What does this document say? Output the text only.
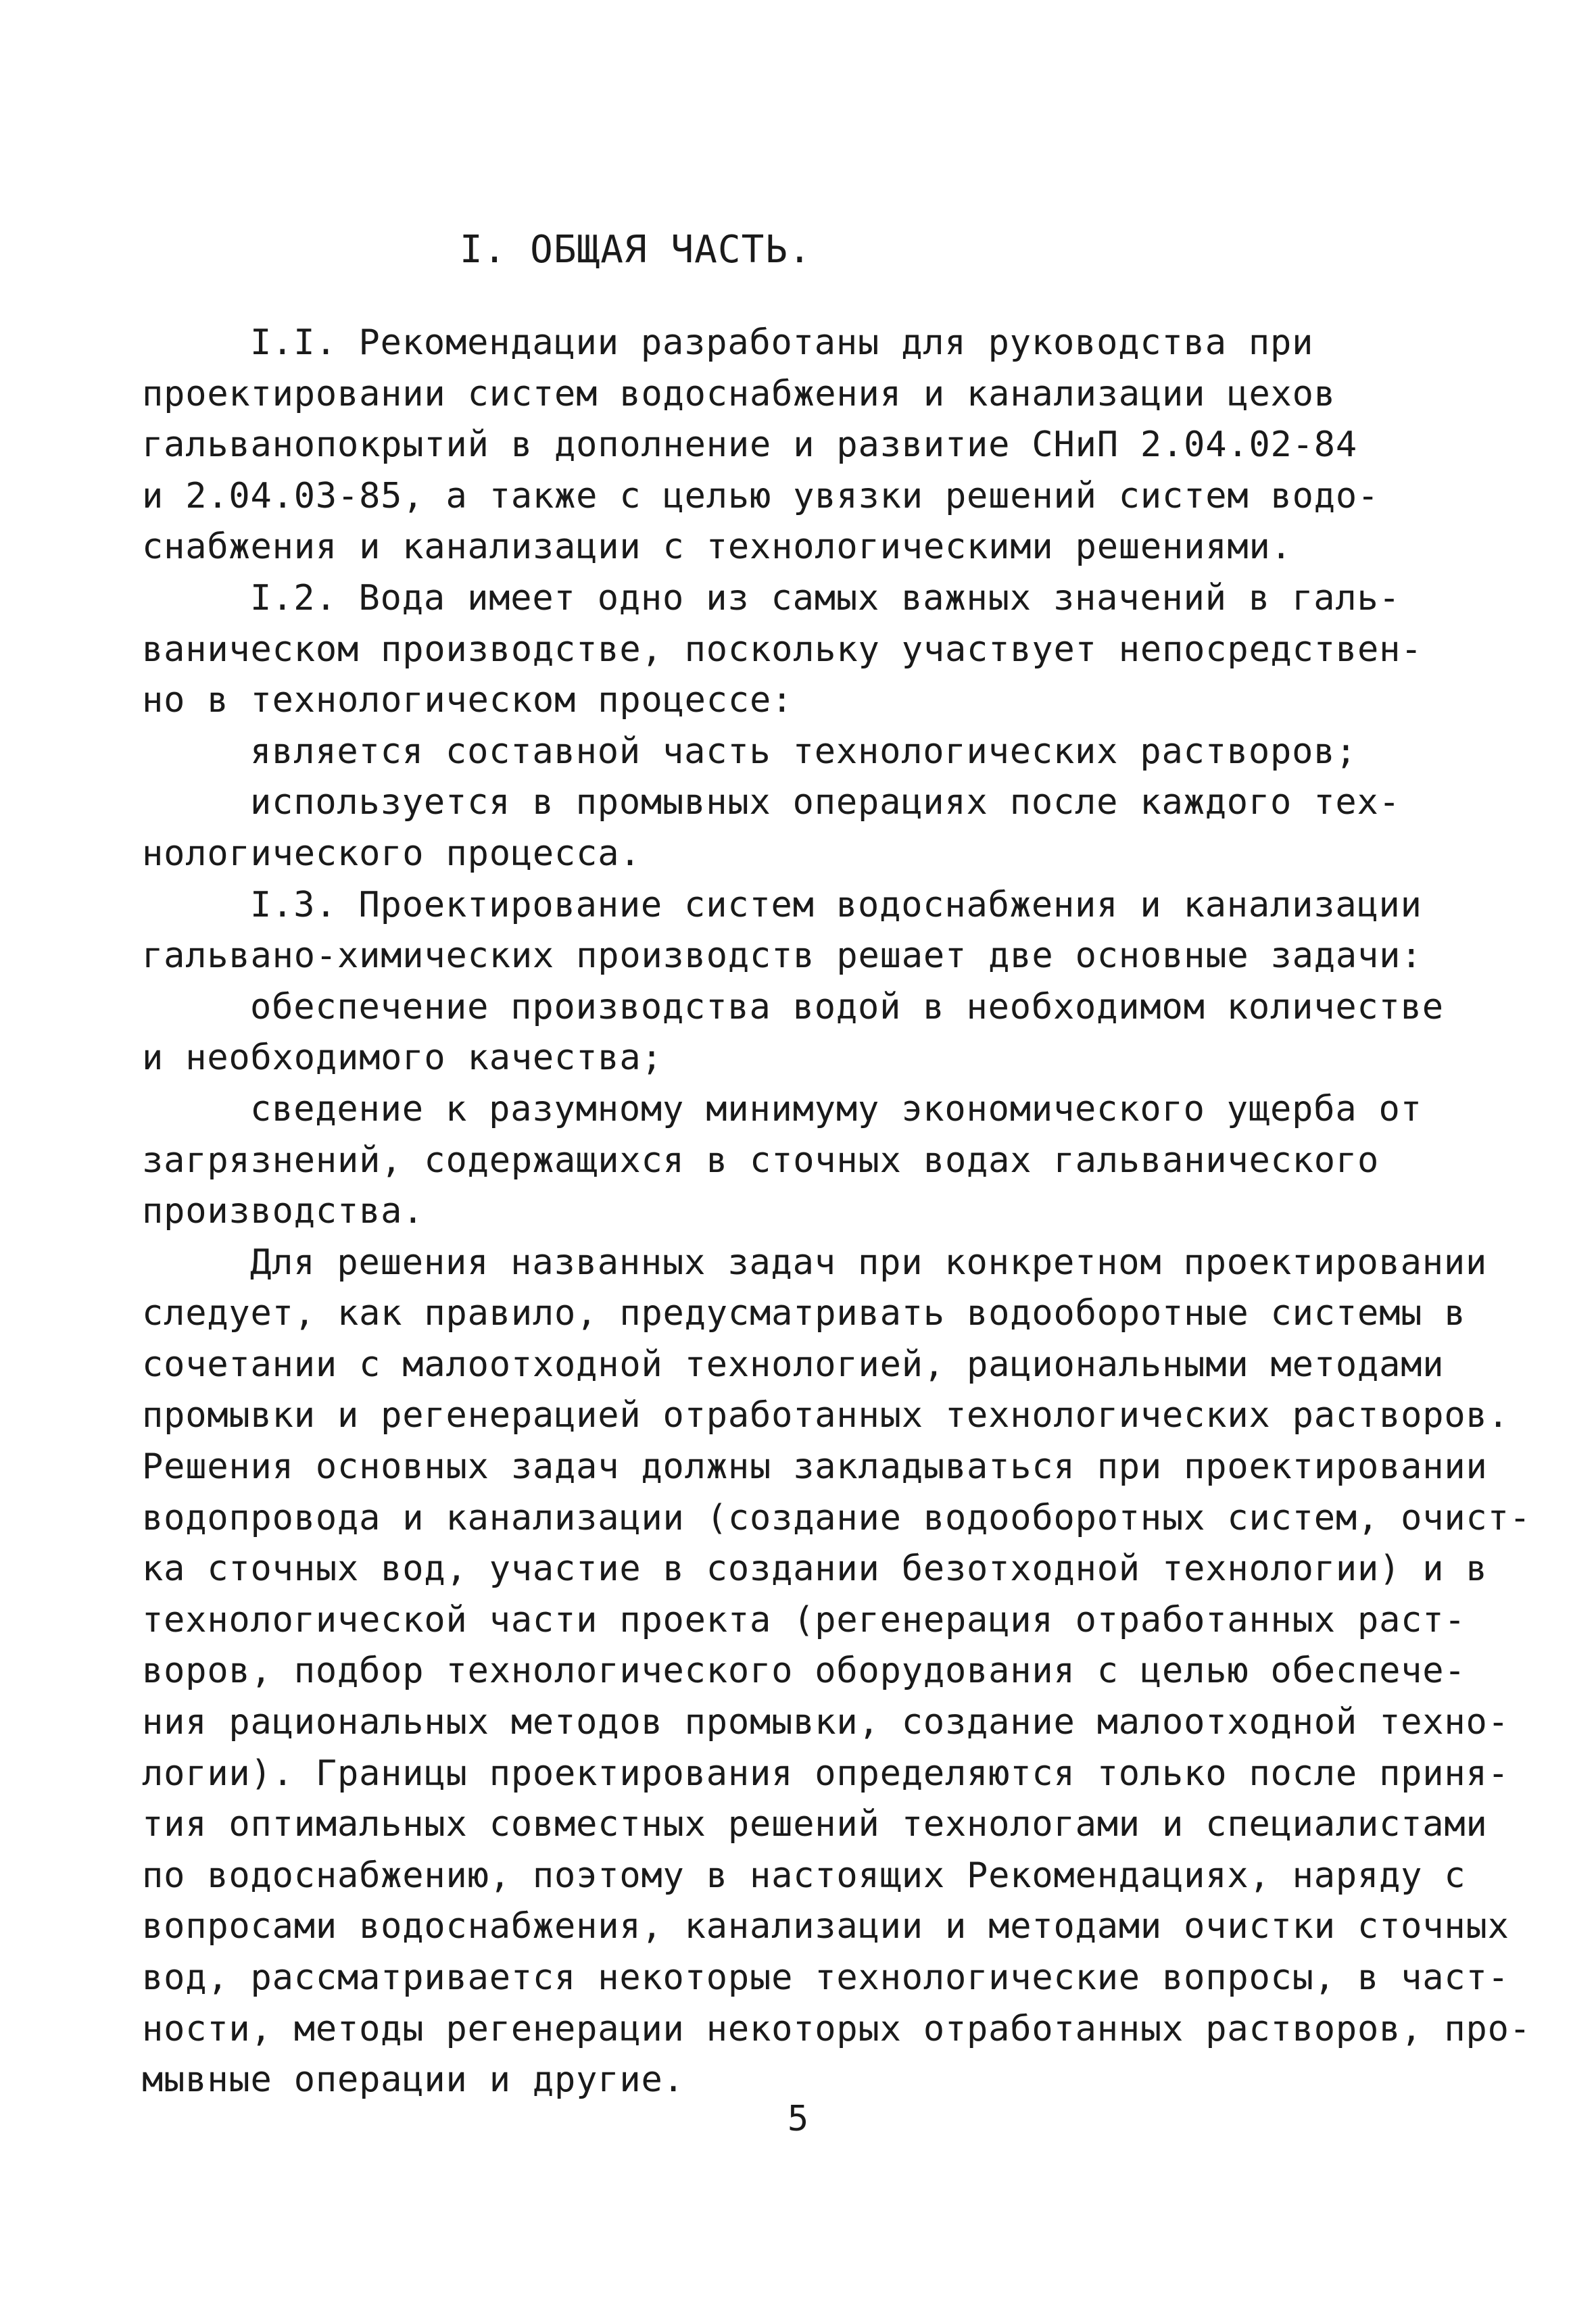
I. ОБЩАЯ ЧАСТЬ.
I.I. Рекомендации разработаны для руководства при
проектировании систем водоснабжения и канализации цехов
гальванопокрытий в дополнение и развитие СНиП 2.04.02-84
и 2.04.03-85, а также с целью увязки решений систем водо-
снабжения и канализации с технологическими решениями.
I.2. Вода имеет одно из самых важных значений в галь-
ваническом производстве, поскольку участвует непосредствен-
но в технологическом процессе:
является составной часть технологических растворов;
используется в промывных операциях после каждого тех-
нологического процесса.
I.3. Проектирование систем водоснабжения и канализации
гальвано-химических производств решает две основные задачи:
обеспечение производства водой в необходимом количестве
и необходимого качества;
сведение к разумному минимуму экономического ущерба от
загрязнений, содержащихся в сточных водах гальванического
производства.
Для решения названных задач при конкретном проектировании
следует, как правило, предусматривать водооборотные системы в
сочетании с малоотходной технологией, рациональными методами
промывки и регенерацией отработанных технологических растворов.
Решения основных задач должны закладываться при проектировании
водопровода и канализации (создание водооборотных систем, очист-
ка сточных вод, участие в создании безотходной технологии) и в
технологической части проекта (регенерация отработанных раст-
воров, подбор технологического оборудования с целью обеспече-
ния рациональных методов промывки, создание малоотходной техно-
логии). Границы проектирования определяются только после приня-
тия оптимальных совместных решений технологами и специалистами
по водоснабжению, поэтому в настоящих Рекомендациях, наряду с
вопросами водоснабжения, канализации и методами очистки сточных
вод, рассматривается некоторые технологические вопросы, в част-
ности, методы регенерации некоторых отработанных растворов, про-
мывные операции и другие.
5
